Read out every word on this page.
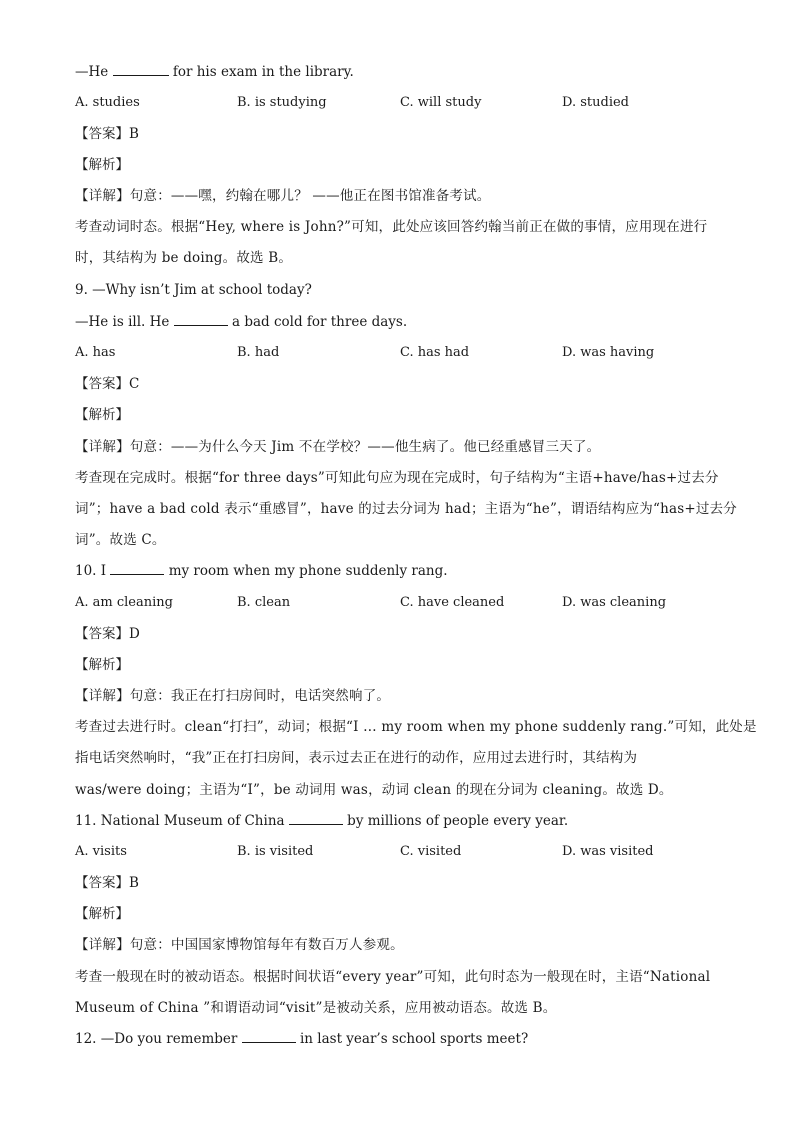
—He	for his exam in the library.
A. studies	B. is studying	C. will study	D. studied
【答案】B
【解析】
【详解】句意：——嘿，约翰在哪儿？ ——他正在图书馆准备考试。
考查动词时态。根据“Hey, where is John?”可知，此处应该回答约翰当前正在做的事情，应用现在进行
时，其结构为 be doing。故选 B。
9. —Why isn’t Jim at school today?
—He is ill. He	a bad cold for three days.
A. has	B. had	C. has had	D. was having
【答案】C
【解析】
【详解】句意：——为什么今天 Jim 不在学校？——他生病了。他已经重感冒三天了。
考查现在完成时。根据“for three days”可知此句应为现在完成时，句子结构为“主语+have/has+过去分
词”；have a bad cold 表示“重感冒”，have 的过去分词为 had；主语为“he”，谓语结构应为“has+过去分
词”。故选 C。
10. I	my room when my phone suddenly rang.
A. am cleaning	B. clean	C. have cleaned	D. was cleaning
【答案】D
【解析】
【详解】句意：我正在打扫房间时，电话突然响了。
考查过去进行时。clean“打扫”，动词；根据“I … my room when my phone suddenly rang.”可知，此处是
指电话突然响时，“我”正在打扫房间，表示过去正在进行的动作，应用过去进行时，其结构为
was/were doing；主语为“I”，be 动词用 was，动词 clean 的现在分词为 cleaning。故选 D。
11. National Museum of China	by millions of people every year.
A. visits	B. is visited	C. visited	D. was visited
【答案】B
【解析】
【详解】句意：中国国家博物馆每年有数百万人参观。
考查一般现在时的被动语态。根据时间状语“every year”可知，此句时态为一般现在时，主语“National
Museum of China ”和谓语动词“visit”是被动关系，应用被动语态。故选 B。
12. —Do you remember	in last year’s school sports meet?
